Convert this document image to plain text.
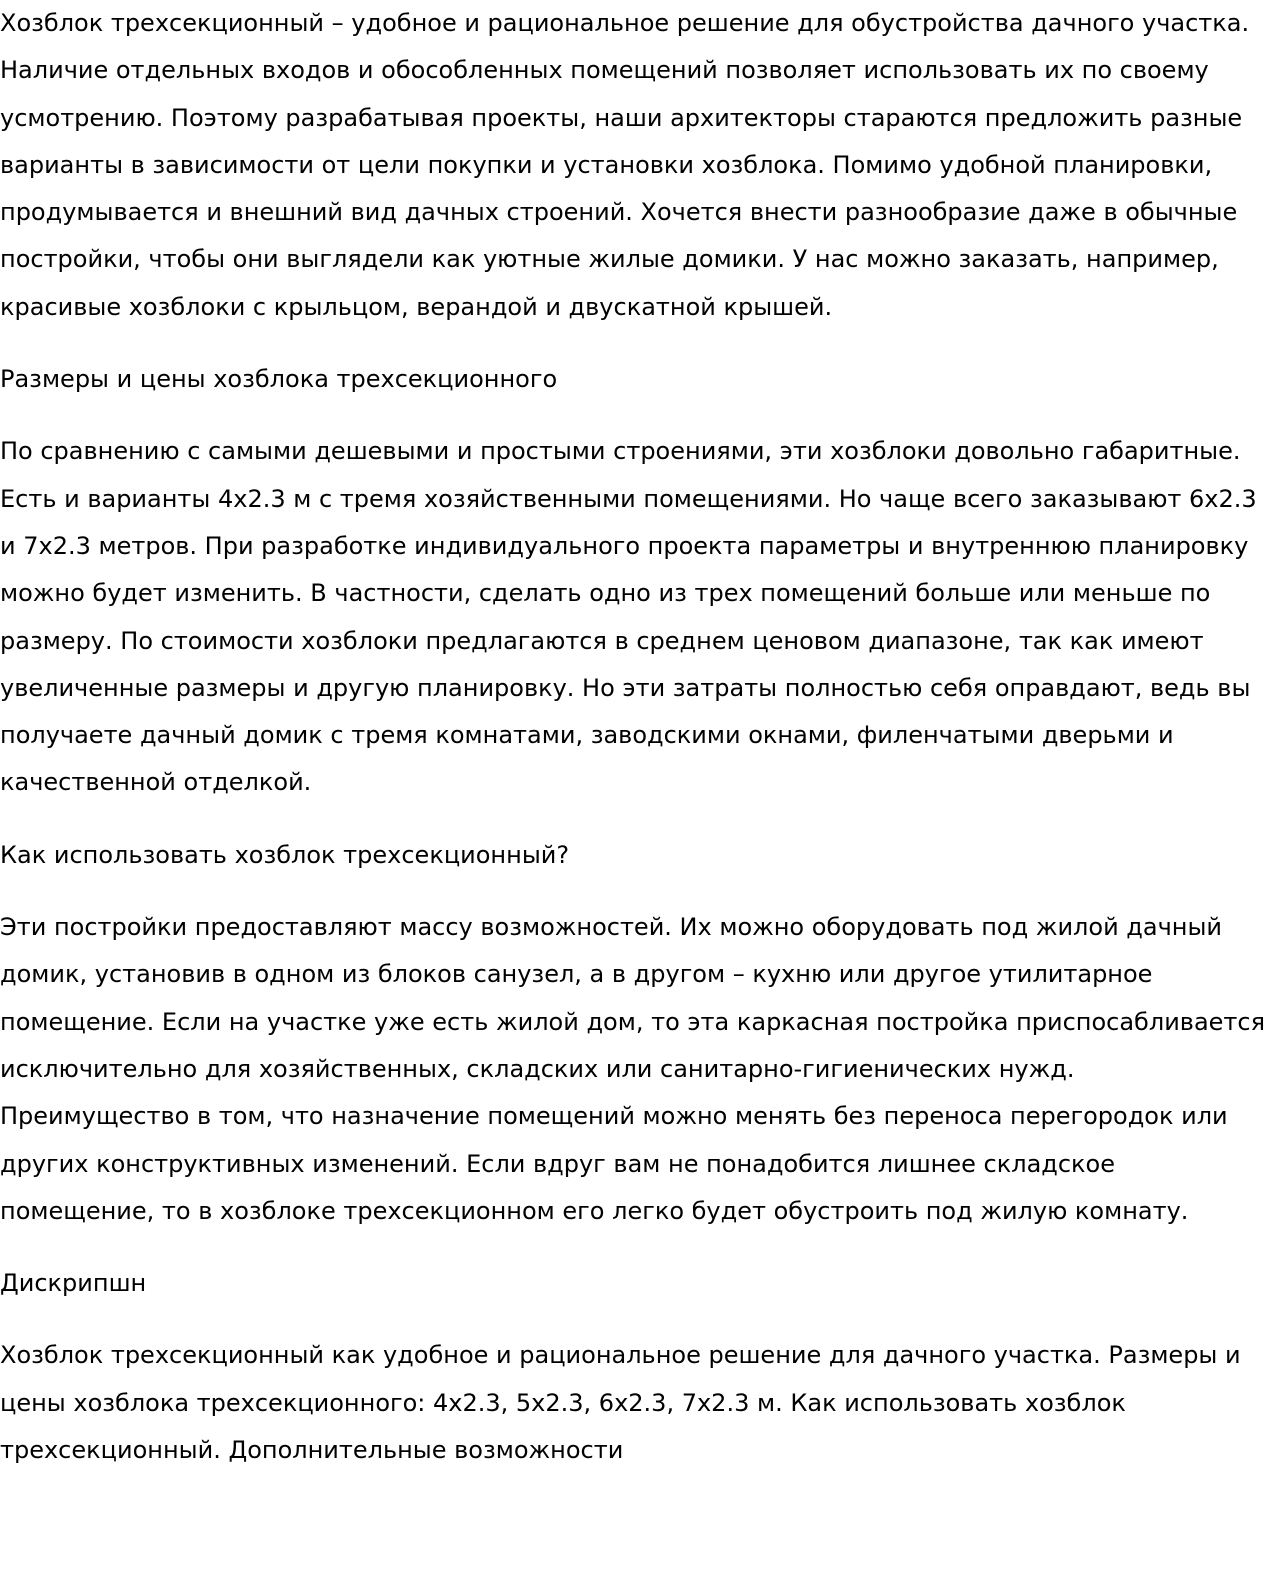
Хозблок трехсекционный – удобное и рациональное решение для обустройства дачного участка. Наличие отдельных входов и обособленных помещений позволяет использовать их по своему усмотрению. Поэтому разрабатывая проекты, наши архитекторы стараются предложить разные варианты в зависимости от цели покупки и установки хозблока. Помимо удобной планировки, продумывается и внешний вид дачных строений. Хочется внести разнообразие даже в обычные постройки, чтобы они выглядели как уютные жилые домики. У нас можно заказать, например, красивые хозблоки с крыльцом, верандой и двускатной крышей.

Размеры и цены хозблока трехсекционного

По сравнению с самыми дешевыми и простыми строениями, эти хозблоки довольно габаритные. Есть и варианты 4х2.3 м с тремя хозяйственными помещениями. Но чаще всего заказывают 6х2.3 и 7х2.3 метров. При разработке индивидуального проекта параметры и внутреннюю планировку можно будет изменить. В частности, сделать одно из трех помещений больше или меньше по размеру. По стоимости хозблоки предлагаются в среднем ценовом диапазоне, так как имеют увеличенные размеры и другую планировку. Но эти затраты полностью себя оправдают, ведь вы получаете дачный домик с тремя комнатами, заводскими окнами, филенчатыми дверьми и качественной отделкой.

Как использовать хозблок трехсекционный?

Эти постройки предоставляют массу возможностей. Их можно оборудовать под жилой дачный домик, установив в одном из блоков санузел, а в другом – кухню или другое утилитарное помещение. Если на участке уже есть жилой дом, то эта каркасная постройка приспосабливается исключительно для хозяйственных, складских или санитарно-гигиенических нужд. Преимущество в том, что назначение помещений можно менять без переноса перегородок или других конструктивных изменений. Если вдруг вам не понадобится лишнее складское помещение, то в хозблоке трехсекционном его легко будет обустроить под жилую комнату.

Дискрипшн

Хозблок трехсекционный как удобное и рациональное решение для дачного участка. Размеры и цены хозблока трехсекционного: 4х2.3, 5х2.3, 6х2.3, 7х2.3 м. Как использовать хозблок трехсекционный. Дополнительные возможности
